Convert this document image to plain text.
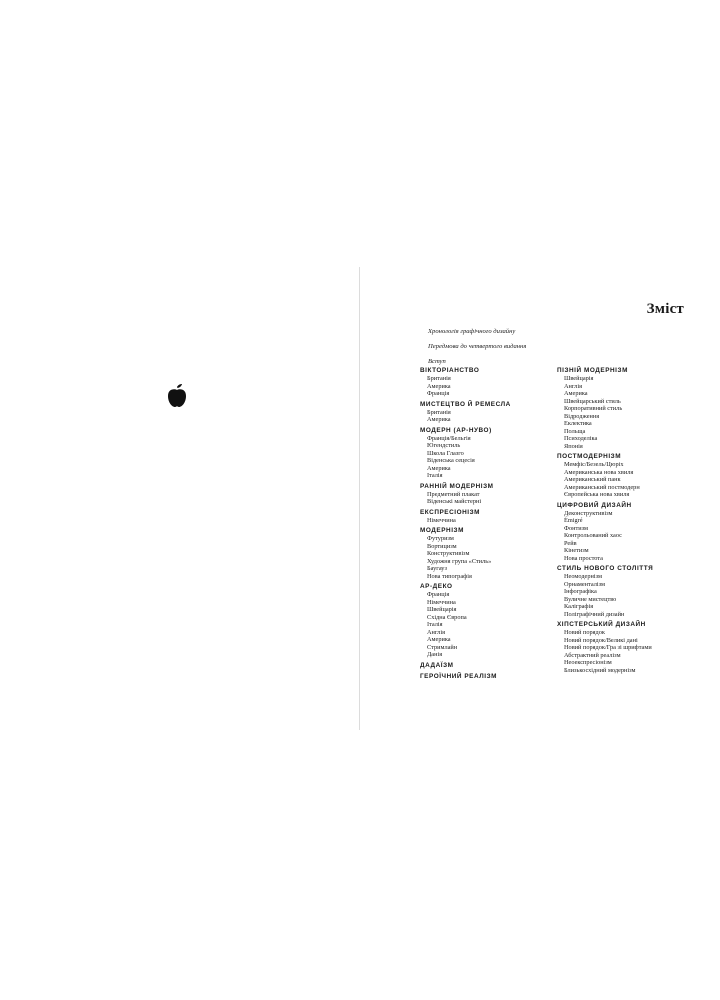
Зміст
Хронологія графічного дизайну
Передмова до четвертого видання
Вступ
ВІКТОРІАНСТВО
Британія
Америка
Франція
МИСТЕЦТВО Й РЕМЕСЛА
Британія
Америка
МОДЕРН (АР-НУВО)
Франція/Бельгія
Югендстиль
Школа Глазго
Віденська сецесія
Америка
Італія
РАННІЙ МОДЕРНІЗМ
Предметний плакат
Віденські майстерні
ЕКСПРЕСІОНІЗМ
Німеччина
МОДЕРНІЗМ
Футуризм
Вортицизм
Конструктивізм
Художня група «Стиль»
Баугауз
Нова типографія
АР-ДЕКО
Франція
Німеччина
Швейцарія
Східна Європа
Італія
Англія
Америка
Стримлайн
Данія
ДАДАЇЗМ
ГЕРОЇЧНИЙ РЕАЛІЗМ
ПІЗНІЙ МОДЕРНІЗМ
Швейцарія
Англія
Америка
Швейцарський стиль
Корпоративний стиль
Відродження
Еклектика
Польща
Психоделіка
Японія
ПОСТМОДЕРНІЗМ
Мемфіс/Безель/Цюріх
Американська нова хвиля
Американський панк
Американський постмодерн
Європейська нова хвиля
ЦИФРОВИЙ ДИЗАЙН
Деконструктивізм
Émigré
Фонтизм
Контрольований хаос
Рейв
Кінетизм
Нова простота
СТИЛЬ НОВОГО СТОЛІТТЯ
Неомодернізм
Орнаменталізм
Інфографіка
Вуличне мистецтво
Каліграфія
Поліграфічний дизайн
ХІПСТЕРСЬКИЙ ДИЗАЙН
Новий порядок
Новий порядок/Великі дані
Новий порядок/Гра зі шрифтами
Абстрактний реалізм
Неоекспресіонізм
Близькосхідний модернізм
